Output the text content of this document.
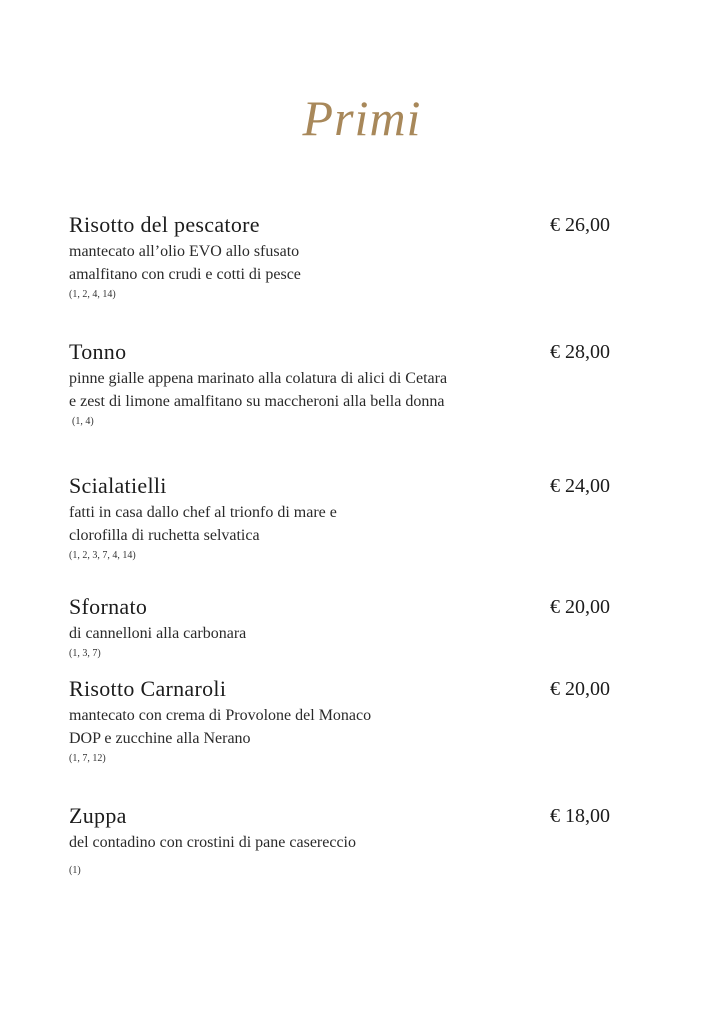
Primi
Risotto del pescatore	€ 26,00
mantecato all’olio EVO allo sfusato
amalfitano con crudi e cotti di pesce
(1, 2, 4, 14)
Tonno	€ 28,00
pinne gialle appena marinato alla colatura di alici di Cetara
e zest di limone amalfitano su maccheroni alla bella donna
(1, 4)
Scialatielli	€ 24,00
fatti in casa dallo chef al trionfo di mare e
clorofilla di ruchetta selvatica
(1, 2, 3, 7, 4, 14)
Sfornato	€ 20,00
di cannelloni alla carbonara
(1, 3, 7)
Risotto Carnaroli	€ 20,00
mantecato con crema di Provolone del Monaco
DOP e zucchine alla Nerano
(1, 7, 12)
Zuppa	€ 18,00
del contadino con crostini di pane casereccio
(1)
